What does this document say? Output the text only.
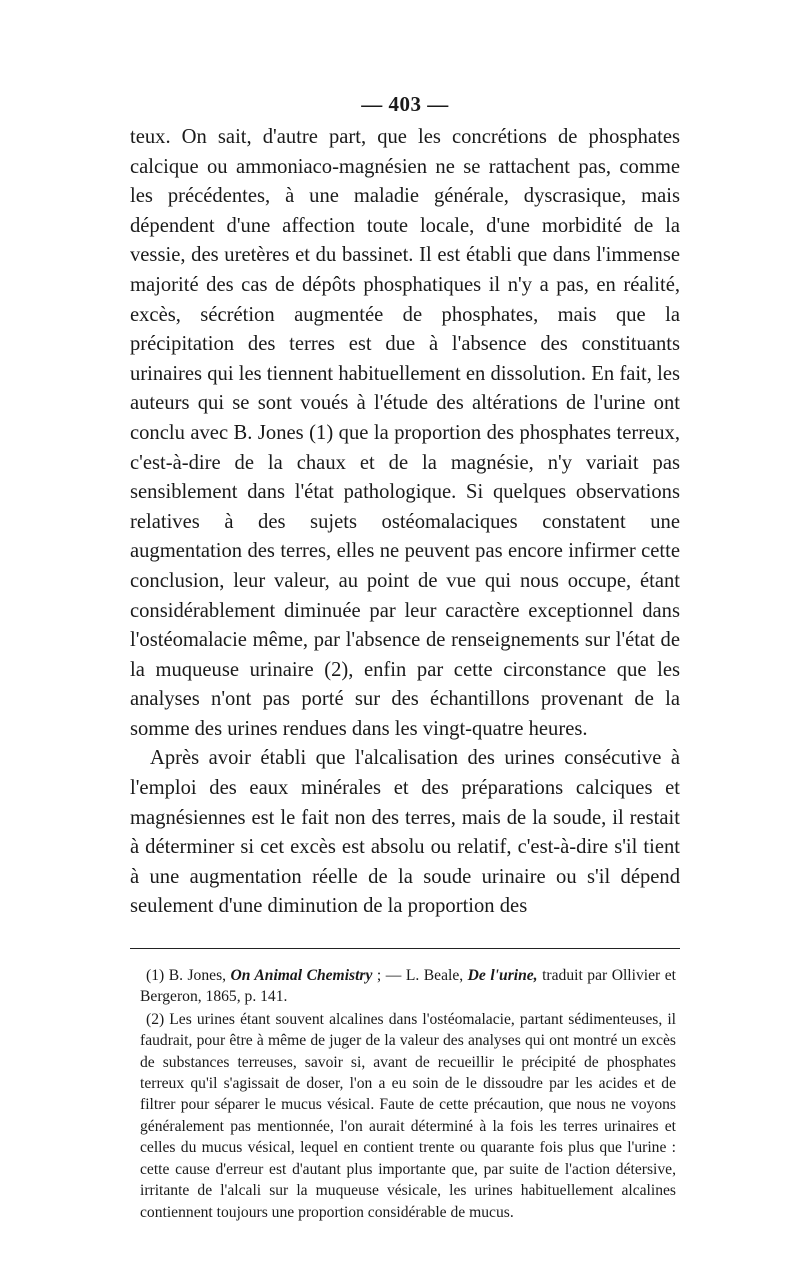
— 403 —

teux. On sait, d'autre part, que les concrétions de phosphates calcique ou ammoniaco-magnésien ne se rattachent pas, comme les précédentes, à une maladie générale, dyscrasique, mais dépendent d'une affection toute locale, d'une morbidité de la vessie, des uretères et du bassinet. Il est établi que dans l'immense majorité des cas de dépôts phosphatiques il n'y a pas, en réalité, excès, sécrétion augmentée de phosphates, mais que la précipitation des terres est due à l'absence des constituants urinaires qui les tiennent habituellement en dissolution. En fait, les auteurs qui se sont voués à l'étude des altérations de l'urine ont conclu avec B. Jones (1) que la proportion des phosphates terreux, c'est-à-dire de la chaux et de la magnésie, n'y variait pas sensiblement dans l'état pathologique. Si quelques observations relatives à des sujets ostéomalaciques constatent une augmentation des terres, elles ne peuvent pas encore infirmer cette conclusion, leur valeur, au point de vue qui nous occupe, étant considérablement diminuée par leur caractère exceptionnel dans l'ostéomalacie même, par l'absence de renseignements sur l'état de la muqueuse urinaire (2), enfin par cette circonstance que les analyses n'ont pas porté sur des échantillons provenant de la somme des urines rendues dans les vingt-quatre heures.

Après avoir établi que l'alcalisation des urines consécutive à l'emploi des eaux minérales et des préparations calciques et magnésiennes est le fait non des terres, mais de la soude, il restait à déterminer si cet excès est absolu ou relatif, c'est-à-dire s'il tient à une augmentation réelle de la soude urinaire ou s'il dépend seulement d'une diminution de la proportion des

(1) B. Jones, On Animal Chemistry ; — L. Beale, De l'urine, traduit par Ollivier et Bergeron, 1865, p. 141.

(2) Les urines étant souvent alcalines dans l'ostéomalacie, partant sédimenteuses, il faudrait, pour être à même de juger de la valeur des analyses qui ont montré un excès de substances terreuses, savoir si, avant de recueillir le précipité de phosphates terreux qu'il s'agissait de doser, l'on a eu soin de le dissoudre par les acides et de filtrer pour séparer le mucus vésical. Faute de cette précaution, que nous ne voyons généralement pas mentionnée, l'on aurait déterminé à la fois les terres urinaires et celles du mucus vésical, lequel en contient trente ou quarante fois plus que l'urine : cette cause d'erreur est d'autant plus importante que, par suite de l'action détersive, irritante de l'alcali sur la muqueuse vésicale, les urines habituellement alcalines contiennent toujours une proportion considérable de mucus.
